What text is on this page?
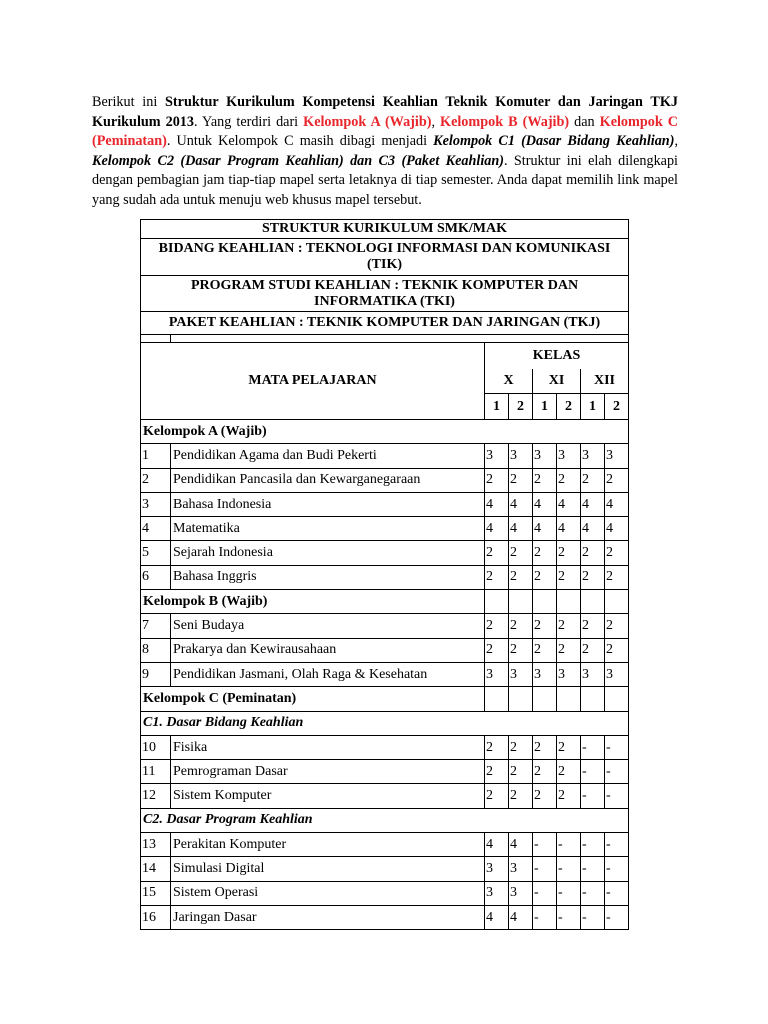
Berikut ini Struktur Kurikulum Kompetensi Keahlian Teknik Komuter dan Jaringan TKJ Kurikulum 2013. Yang terdiri dari Kelompok A (Wajib), Kelompok B (Wajib) dan Kelompok C (Peminatan). Untuk Kelompok C masih dibagi menjadi Kelompok C1 (Dasar Bidang Keahlian), Kelompok C2 (Dasar Program Keahlian) dan C3 (Paket Keahlian). Struktur ini elah dilengkapi dengan pembagian jam tiap-tiap mapel serta letaknya di tiap semester. Anda dapat memilih link mapel yang sudah ada untuk menuju web khusus mapel tersebut.
STRUKTUR KURIKULUM SMK/MAK							
BIDANG KEAHLIAN : TEKNOLOGI INFORMASI DAN KOMUNIKASI (TIK)							
PROGRAM STUDI KEAHLIAN : TEKNIK KOMPUTER DAN INFORMATIKA (TKI)							
PAKET KEAHLIAN : TEKNIK KOMPUTER DAN JARINGAN (TKJ)							

MATA PELAJARAN		KELAS					
		X		XI		XII	
		1	2	1	2	1	2
Kelompok A (Wajib)							
1	Pendidikan Agama dan Budi Pekerti	3	3	3	3	3	3
2	Pendidikan Pancasila dan Kewarganegaraan	2	2	2	2	2	2
3	Bahasa Indonesia	4	4	4	4	4	4
4	Matematika	4	4	4	4	4	4
5	Sejarah Indonesia	2	2	2	2	2	2
6	Bahasa Inggris	2	2	2	2	2	2
Kelompok B (Wajib)							
7	Seni Budaya	2	2	2	2	2	2
8	Prakarya dan Kewirausahaan	2	2	2	2	2	2
9	Pendidikan Jasmani, Olah Raga & Kesehatan	3	3	3	3	3	3
Kelompok C (Peminatan)							
C1. Dasar Bidang Keahlian							
10	Fisika	2	2	2	2	-	-
11	Pemrograman Dasar	2	2	2	2	-	-
12	Sistem Komputer	2	2	2	2	-	-
C2. Dasar Program Keahlian							
13	Perakitan Komputer	4	4	-	-	-	-
14	Simulasi Digital	3	3	-	-	-	-
15	Sistem Operasi	3	3	-	-	-	-
16	Jaringan Dasar	4	4	-	-	-	-
